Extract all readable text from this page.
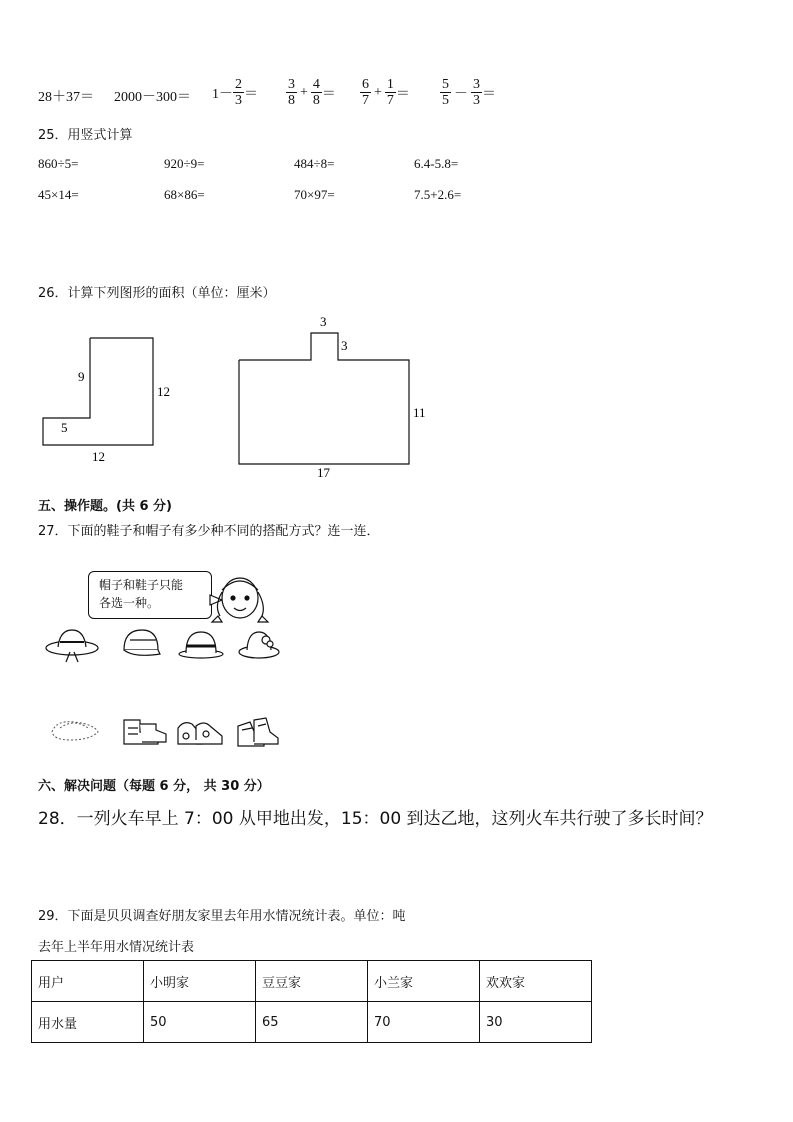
$28+37= 2000-300= 1- \frac{2}{3} = \frac{3}{8} + \frac{4}{8} = \frac{6}{7} + \frac{1}{7} = \frac{5}{5} - \frac{3}{3}$ ＝
25．用竖式计算
860÷5=	920÷9=	484÷8=	6.4-5.8=
45×14=	68×86=	70×97=	7.5+2.6=
26．计算下列图形的面积（单位：厘米）
9
12
5
12
3
3
11
17
五、操作题。(共 6 分)
27．下面的鞋子和帽子有多少种不同的搭配方式？连一连．
帽子和鞋子只能
各选一种。
六、解决问题（每题 6 分， 共 30 分）
28．一列火车早上 7：00 从甲地出发，15：00 到达乙地，这列火车共行驶了多长时间？
29．下面是贝贝调查好朋友家里去年用水情况统计表。单位：吨
去年上半年用水情况统计表
用户	小明家	豆豆家	小兰家	欢欢家
用水量	50	65	70	30
